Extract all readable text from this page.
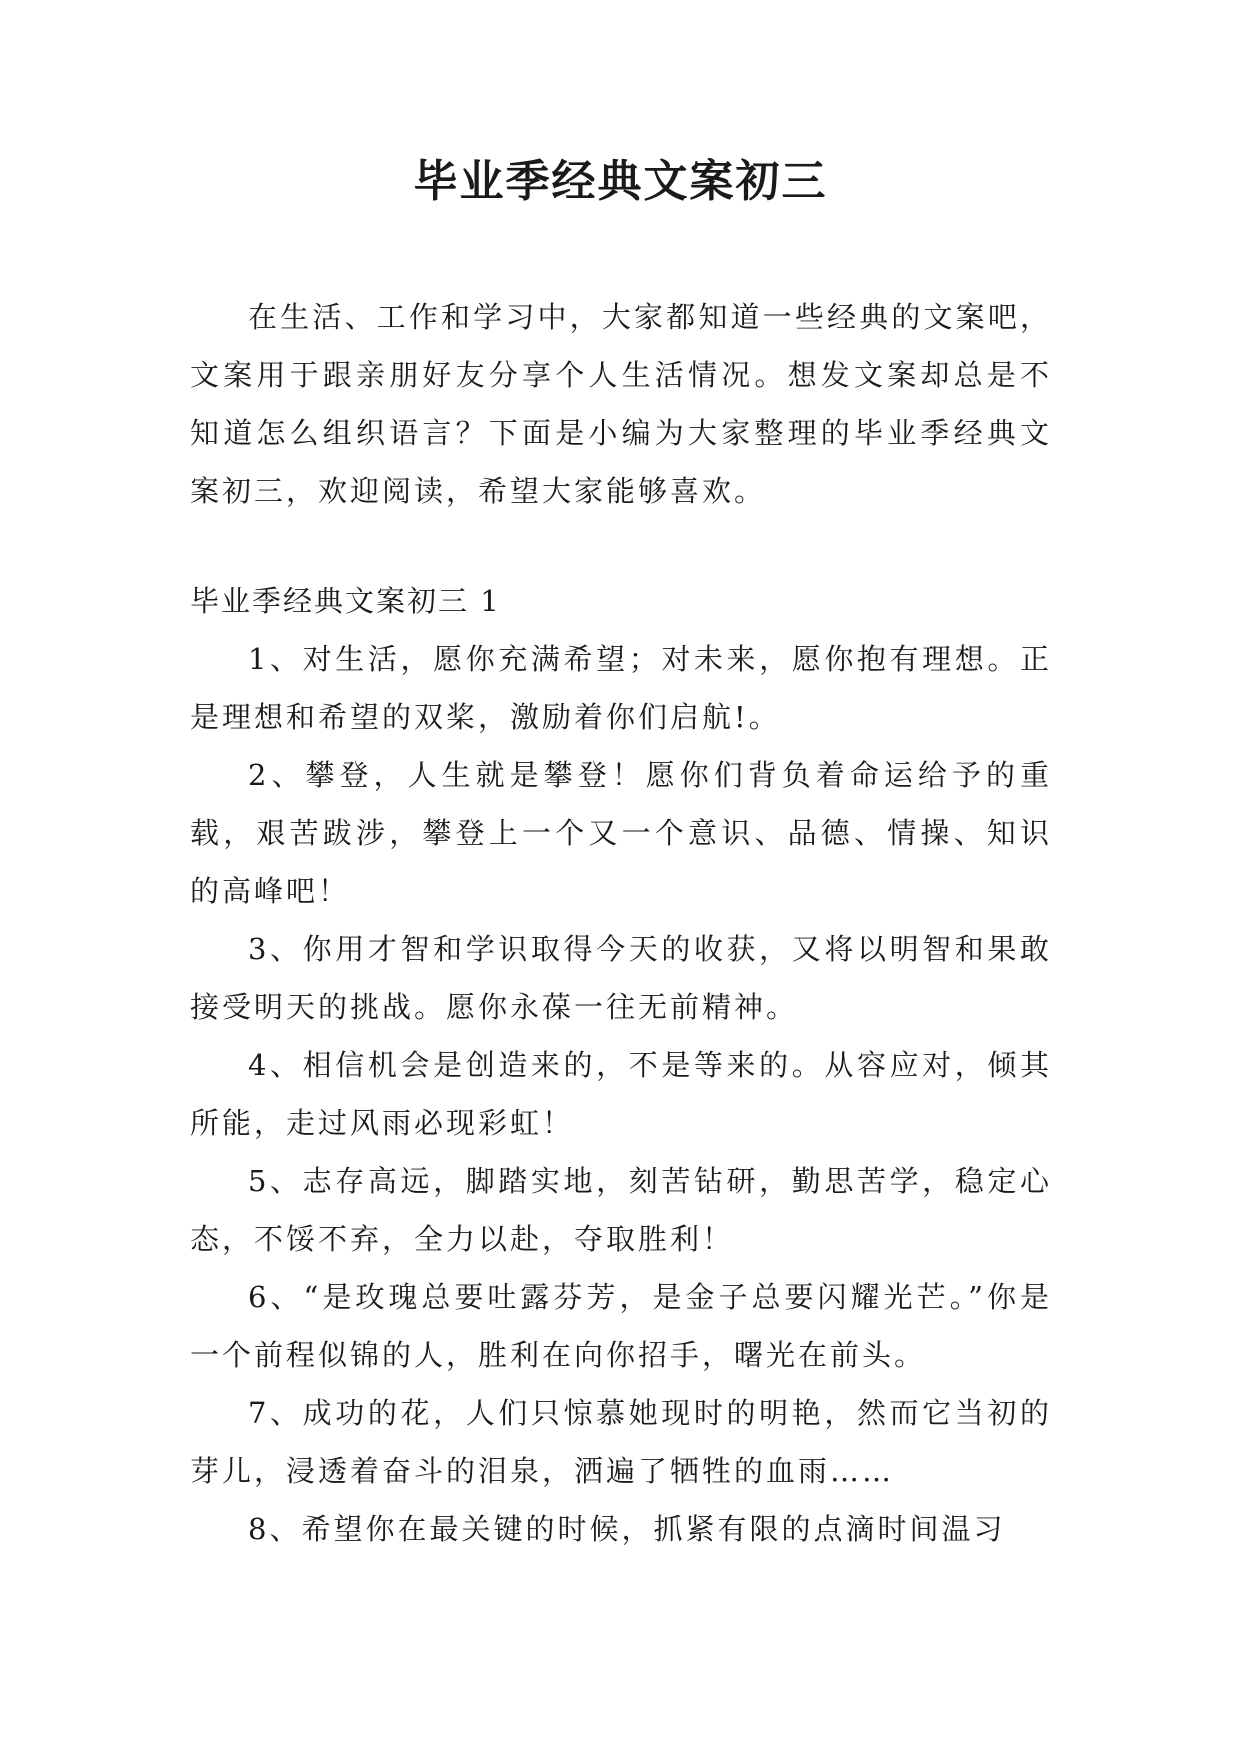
毕业季经典文案初三

在生活、工作和学习中，大家都知道一些经典的文案吧，文案用于跟亲朋好友分享个人生活情况。想发文案却总是不知道怎么组织语言？下面是小编为大家整理的毕业季经典文案初三，欢迎阅读，希望大家能够喜欢。

毕业季经典文案初三 1

1、对生活，愿你充满希望；对未来，愿你抱有理想。正是理想和希望的双桨，激励着你们启航!。

2、攀登，人生就是攀登！愿你们背负着命运给予的重载，艰苦跋涉，攀登上一个又一个意识、品德、情操、知识的高峰吧！

3、你用才智和学识取得今天的收获，又将以明智和果敢接受明天的挑战。愿你永葆一往无前精神。

4、相信机会是创造来的，不是等来的。从容应对，倾其所能，走过风雨必现彩虹！

5、志存高远，脚踏实地，刻苦钻研，勤思苦学，稳定心态，不馁不弃，全力以赴，夺取胜利！

6、“是玫瑰总要吐露芬芳，是金子总要闪耀光芒。”你是一个前程似锦的人，胜利在向你招手，曙光在前头。

7、成功的花，人们只惊慕她现时的明艳，然而它当初的芽儿，浸透着奋斗的泪泉，洒遍了牺牲的血雨……

8、希望你在最关键的时候，抓紧有限的点滴时间温习
